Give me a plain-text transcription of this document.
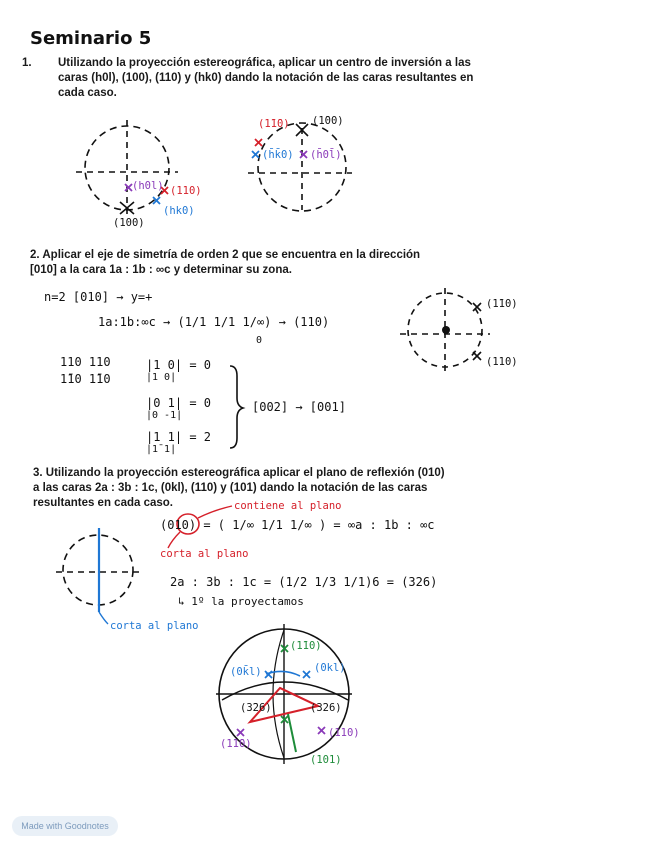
Seminario 5
1. Utilizando la proyección estereográfica, aplicar un centro de inversión a las caras (h0l), (100), (110) y (hk0) dando la notación de las caras resultantes en cada caso.
(h0l) (110)
(hk0)
(100)
(1̄1̄0) (1̄00)
(h̄k̄0) (h̄0l̄)
2. Aplicar el eje de simetría de orden 2 que se encuentra en la dirección [010] a la cara 1a : 1b : ∞c y determinar su zona.
n=2 [010] → y=+
1a:1b:∞c → (1/1 1/1 1/∞) → (110)
0
110 110
1̄10 1̄10
|1 0| = 0
|1 0|
|0 1| = 0
|0 -1|
|1 1| = 2
|1̄ 1|
[002] → [001]
(1̄10)
(110)
3. Utilizando la proyección estereográfica aplicar el plano de reflexión (010) a las caras 2a : 3b : 1c, (0kl), (110) y (101) dando la notación de las caras resultantes en cada caso.	contiene al plano
corta al plano
corta al plano
(010) = ( 1/∞ 1/1 1/∞ ) = ∞a : 1b : ∞c
2a : 3b : 1c = (1/2 1/3 1/1)6 = (326)
↳ 1º la proyectamos
(1̄10)
(0k̄l)	(0kl)
(3̄26)	(326)
(110)
(1̄1̄0)
(101)
Made with Goodnotes
